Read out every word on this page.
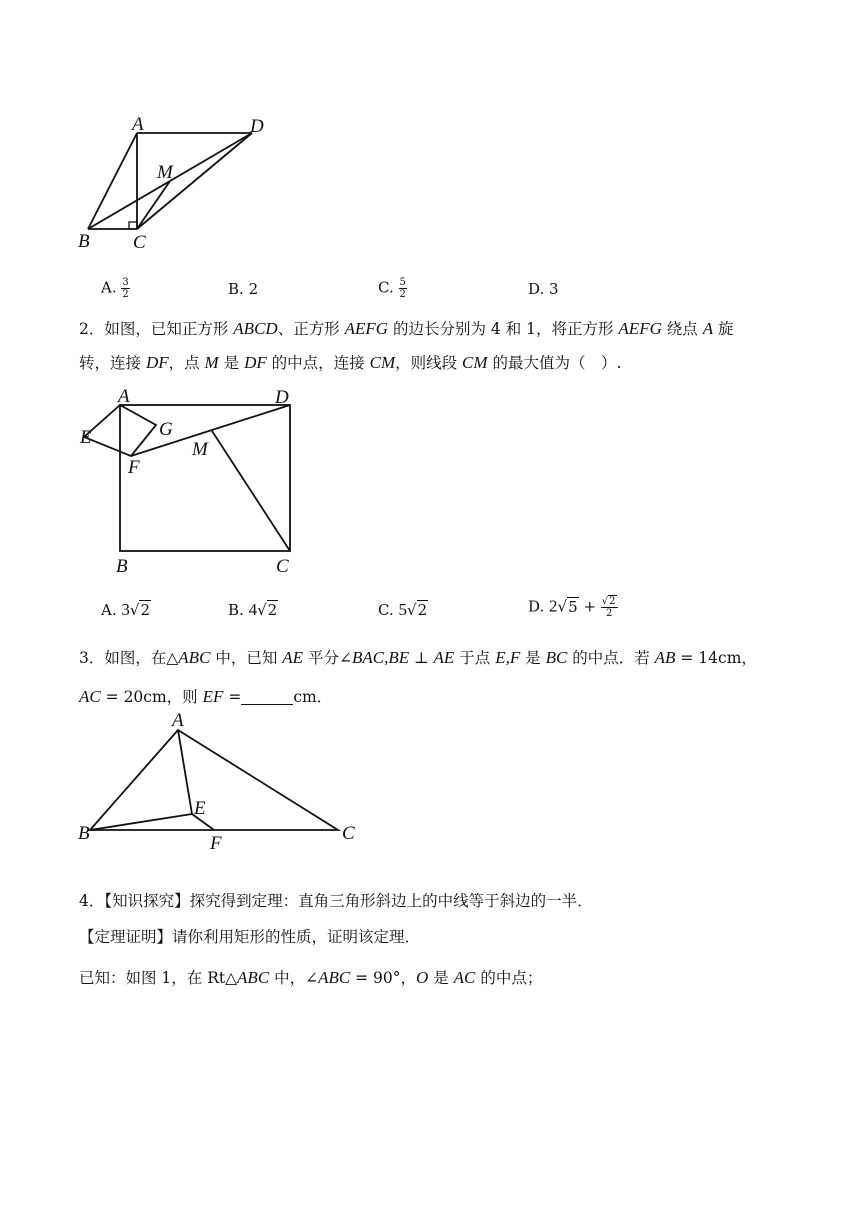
A	D
M
B C
A. $\frac{3}{2}$	B. 2	C. $\frac{5}{2}$	D. 3
2．如图，已知正方形 ABCD、正方形 AEFG 的边长分别为 4 和 1，将正方形 AEFG 绕点 A 旋
转，连接 DF，点 M 是 DF 的中点，连接 CM，则线段 CM 的最大值为（　）.
A	D
E	G
F
M
B	C
A. 3√2	B. 4√2	C. 5√2	D. $2√5 + \frac{√2}{2}$
3．如图，在△ABC 中，已知 AE 平分∠BAC,BE ⊥ AE 于点 E,F 是 BC 的中点．若 AB = 14cm，
AC = 20cm，则 EF =	cm．
A
E
B	F	C
4．【知识探究】探究得到定理：直角三角形斜边上的中线等于斜边的一半．
【定理证明】请你利用矩形的性质，证明该定理．
已知：如图 1，在 Rt△ABC 中，∠ABC = 90°，O 是 AC 的中点；
